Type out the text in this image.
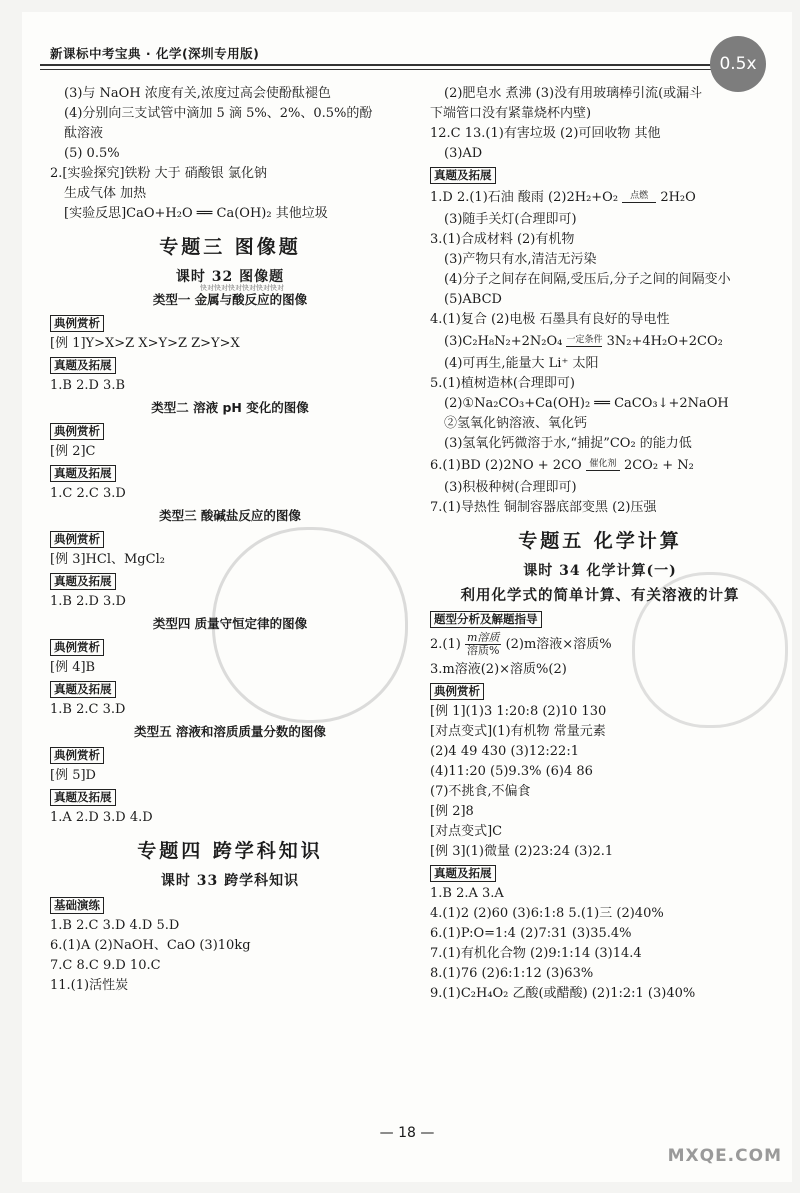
新课标中考宝典 · 化学(深圳专用版)
0.5x
快对快对快对快对快对快对
(3)与 NaOH 浓度有关,浓度过高会使酚酞褪色
(4)分别向三支试管中滴加 5 滴 5%、2%、0.5%的酚
酞溶液
(5) 0.5%
2.[实验探究]铁粉 大于 硝酸银 氯化钠
生成气体 加热
[实验反思]CaO+H₂O ══ Ca(OH)₂ 其他垃圾
专题三 图像题
课时 32 图像题
类型一 金属与酸反应的图像
典例赏析
[例 1]Y>X>Z X>Y>Z Z>Y>X
真题及拓展
1.B 2.D 3.B
类型二 溶液 pH 变化的图像
典例赏析
[例 2]C
真题及拓展
1.C 2.C 3.D
类型三 酸碱盐反应的图像
典例赏析
[例 3]HCl、MgCl₂
真题及拓展
1.B 2.D 3.D
类型四 质量守恒定律的图像
典例赏析
[例 4]B
真题及拓展
1.B 2.C 3.D
类型五 溶液和溶质质量分数的图像
典例赏析
[例 5]D
真题及拓展
1.A 2.D 3.D 4.D
专题四 跨学科知识
课时 33 跨学科知识
基础演练
1.B 2.C 3.D 4.D 5.D
6.(1)A (2)NaOH、CaO (3)10kg
7.C 8.C 9.D 10.C
11.(1)活性炭
(2)肥皂水 煮沸 (3)没有用玻璃棒引流(或漏斗
下端管口没有紧靠烧杯内壁)
12.C 13.(1)有害垃圾 (2)可回收物 其他
(3)AD
真题及拓展
1.D 2.(1)石油 酸雨 (2)2H₂+O₂	点燃 2H₂O
(3)随手关灯(合理即可)
3.(1)合成材料 (2)有机物
(3)产物只有水,清洁无污染
(4)分子之间存在间隔,受压后,分子之间的间隔变小
(5)ABCD
4.(1)复合 (2)电极 石墨具有良好的导电性
(3)C₂H₈N₂+2N₂O₄ 一定条件 3N₂+4H₂O+2CO₂
(4)可再生,能量大 Li⁺ 太阳
5.(1)植树造林(合理即可)
(2)①Na₂CO₃+Ca(OH)₂ ══ CaCO₃↓+2NaOH
②氢氧化钠溶液、氧化钙
(3)氢氧化钙微溶于水,“捕捉”CO₂ 的能力低
6.(1)BD (2)2NO + 2CO 催化剂 2CO₂ + N₂
(3)积极种树(合理即可)
7.(1)导热性 铜制容器底部变黑 (2)压强
专题五 化学计算
课时 34 化学计算(一)
利用化学式的简单计算、有关溶液的计算
题型分析及解题指导
$2.(1) \frac{\text{m溶质}}{\text{溶质\%}} (2)m$溶液×溶质%
3.m溶液(2)×溶质%(2)
典例赏析
[例 1](1)3 1:20:8 (2)10 130
[对点变式](1)有机物 常量元素
(2)4 49 430 (3)12:22:1
(4)11:20 (5)9.3% (6)4 86
(7)不挑食,不偏食
[例 2]8
[对点变式]C
[例 3](1)微量 (2)23:24 (3)2.1
真题及拓展
1.B 2.A 3.A
4.(1)2 (2)60 (3)6:1:8 5.(1)三 (2)40%
6.(1)P:O=1:4 (2)7:31 (3)35.4%
7.(1)有机化合物 (2)9:1:14 (3)14.4
8.(1)76 (2)6:1:12 (3)63%
9.(1)C₂H₄O₂ 乙酸(或醋酸) (2)1:2:1 (3)40%
— 18 —
MXQE.COM
